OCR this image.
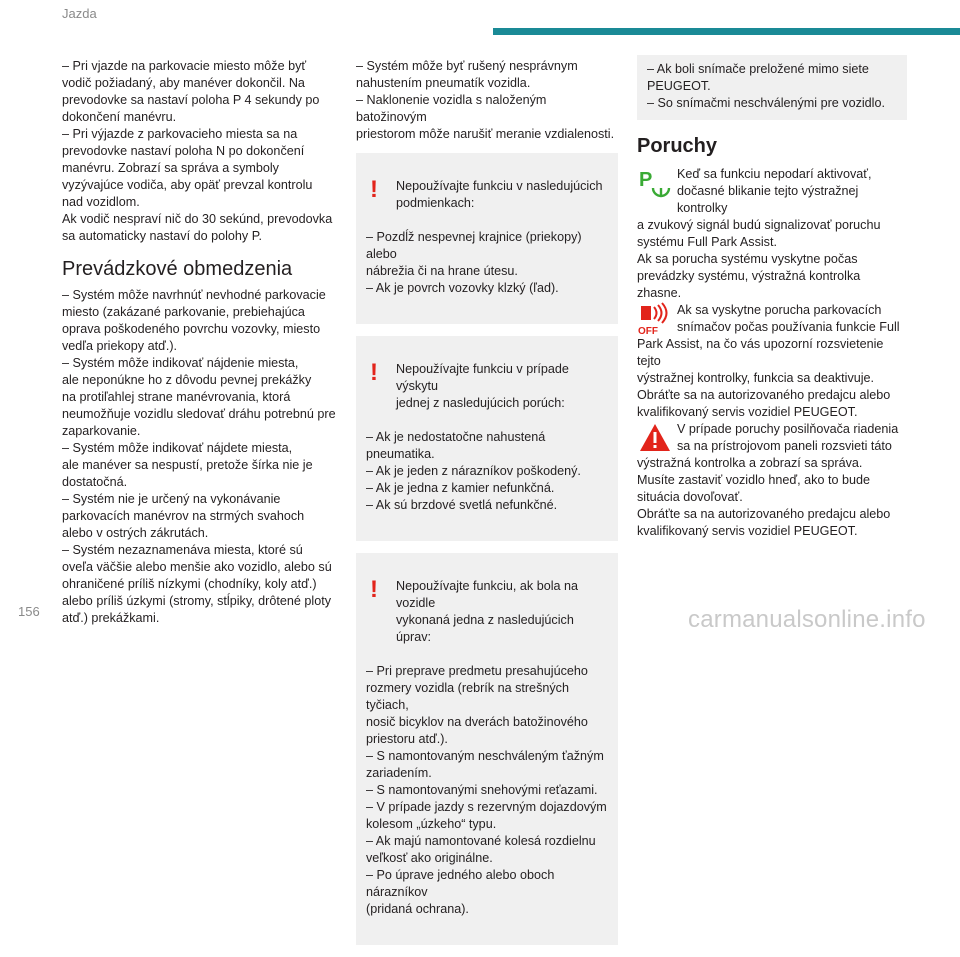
Jazda

– Pri vjazde na parkovacie miesto môže byť
vodič požiadaný, aby manéver dokončil. Na
prevodovke sa nastaví poloha P 4 sekundy po
dokončení manévru.
– Pri výjazde z parkovacieho miesta sa na
prevodovke nastaví poloha N po dokončení
manévru. Zobrazí sa správa a symboly
vyzývajúce vodiča, aby opäť prevzal kontrolu
nad vozidlom.
Ak vodič nespraví nič do 30 sekúnd, prevodovka
sa automaticky nastaví do polohy P.

Prevádzkové obmedzenia

– Systém môže navrhnúť nevhodné parkovacie
miesto (zakázané parkovanie, prebiehajúca
oprava poškodeného povrchu vozovky, miesto
vedľa priekopy atď.).
– Systém môže indikovať nájdenie miesta,
ale neponúkne ho z dôvodu pevnej prekážky
na protiľahlej strane manévrovania, ktorá
neumožňuje vozidlu sledovať dráhu potrebnú pre
zaparkovanie.
– Systém môže indikovať nájdete miesta,
ale manéver sa nespustí, pretože šírka nie je
dostatočná.
– Systém nie je určený na vykonávanie
parkovacích manévrov na strmých svahoch
alebo v ostrých zákrutách.
– Systém nezaznamenáva miesta, ktoré sú
oveľa väčšie alebo menšie ako vozidlo, alebo sú
ohraničené príliš nízkymi (chodníky, koly atď.)
alebo príliš úzkymi (stromy, stĺpiky, drôtené ploty
atď.) prekážkami.

– Systém môže byť rušený nesprávnym
nahustením pneumatík vozidla.
– Naklonenie vozidla s naloženým batožinovým
priestorom môže narušiť meranie vzdialenosti.

!	Nepoužívajte funkciu v nasledujúcich
podmienkach:

– Pozdĺž nespevnej krajnice (priekopy) alebo
nábrežia či na hrane útesu.
– Ak je povrch vozovky klzký (ľad).

!	Nepoužívajte funkciu v prípade výskytu
jednej z nasledujúcich porúch:

– Ak je nedostatočne nahustená pneumatika.
– Ak je jeden z nárazníkov poškodený.
– Ak je jedna z kamier nefunkčná.
– Ak sú brzdové svetlá nefunkčné.

!	Nepoužívajte funkciu, ak bola na vozidle
vykonaná jedna z nasledujúcich úprav:

– Pri preprave predmetu presahujúceho
rozmery vozidla (rebrík na strešných tyčiach,
nosič bicyklov na dverách batožinového
priestoru atď.).
– S namontovaným neschváleným ťažným
zariadením.
– S namontovanými snehovými reťazami.
– V prípade jazdy s rezervným dojazdovým
kolesom „úzkeho“ typu.
– Ak majú namontované kolesá rozdielnu
veľkosť ako originálne.
– Po úprave jedného alebo oboch nárazníkov
(pridaná ochrana).

– Ak boli snímače preložené mimo siete
PEUGEOT.
– So snímačmi neschválenými pre vozidlo.
Poruchy
P Keď sa funkciu nepodarí aktivovať,
dočasné blikanie tejto výstražnej kontrolky
a zvukový signál budú signalizovať poruchu
systému Full Park Assist.
Ak sa porucha systému vyskytne počas
prevádzky systému, výstražná kontrolka zhasne.
OFF
Ak sa vyskytne porucha parkovacích
snímačov počas používania funkcie Full
Park Assist, na čo vás upozorní rozsvietenie tejto
výstražnej kontrolky, funkcia sa deaktivuje.
Obráťte sa na autorizovaného predajcu alebo
kvalifikovaný servis vozidiel PEUGEOT.
V prípade poruchy posilňovača riadenia
sa na prístrojovom paneli rozsvieti táto
výstražná kontrolka a zobrazí sa správa.
Musíte zastaviť vozidlo hneď, ako to bude
situácia dovoľovať.
Obráťte sa na autorizovaného predajcu alebo
kvalifikovaný servis vozidiel PEUGEOT.
156	carmanualsonline.info
